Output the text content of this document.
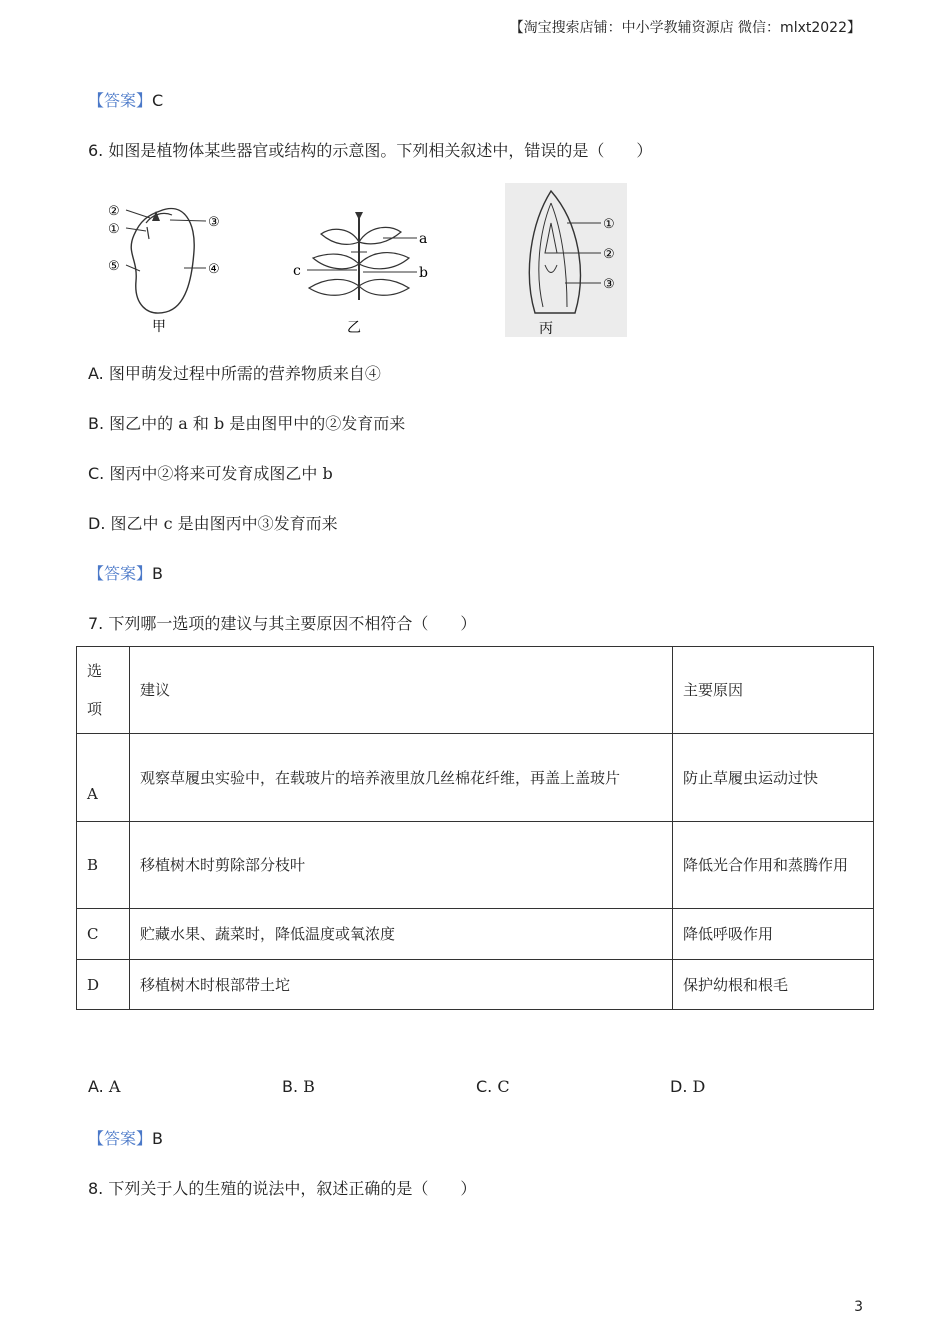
【淘宝搜索店铺：中小学教辅资源店 微信：mlxt2022】
【答案】C
6. 如图是植物体某些器官或结构的示意图。下列相关叙述中，错误的是（　　）
②
①	③
⑤	④
甲
a
c	b
乙
①
②
③
丙
A. 图甲萌发过程中所需的营养物质来自④
B. 图乙中的 a 和 b 是由图甲中的②发育而来
C. 图丙中②将来可发育成图乙中 b
D. 图乙中 c 是由图丙中③发育而来
【答案】B
7. 下列哪一选项的建议与其主要原因不相符合（　　）
选
项	建议	主要原因
A	观察草履虫实验中，在载玻片的培养液里放几丝棉花纤维，再盖上盖玻片	防止草履虫运动过快
B	移植树木时剪除部分枝叶	降低光合作用和蒸腾作用
C	贮藏水果、蔬菜时，降低温度或氧浓度	降低呼吸作用
D	移植树木时根部带土坨	保护幼根和根毛
A. A	B. B	C. C	D. D
【答案】B
8. 下列关于人的生殖的说法中，叙述正确的是（　　）
3
